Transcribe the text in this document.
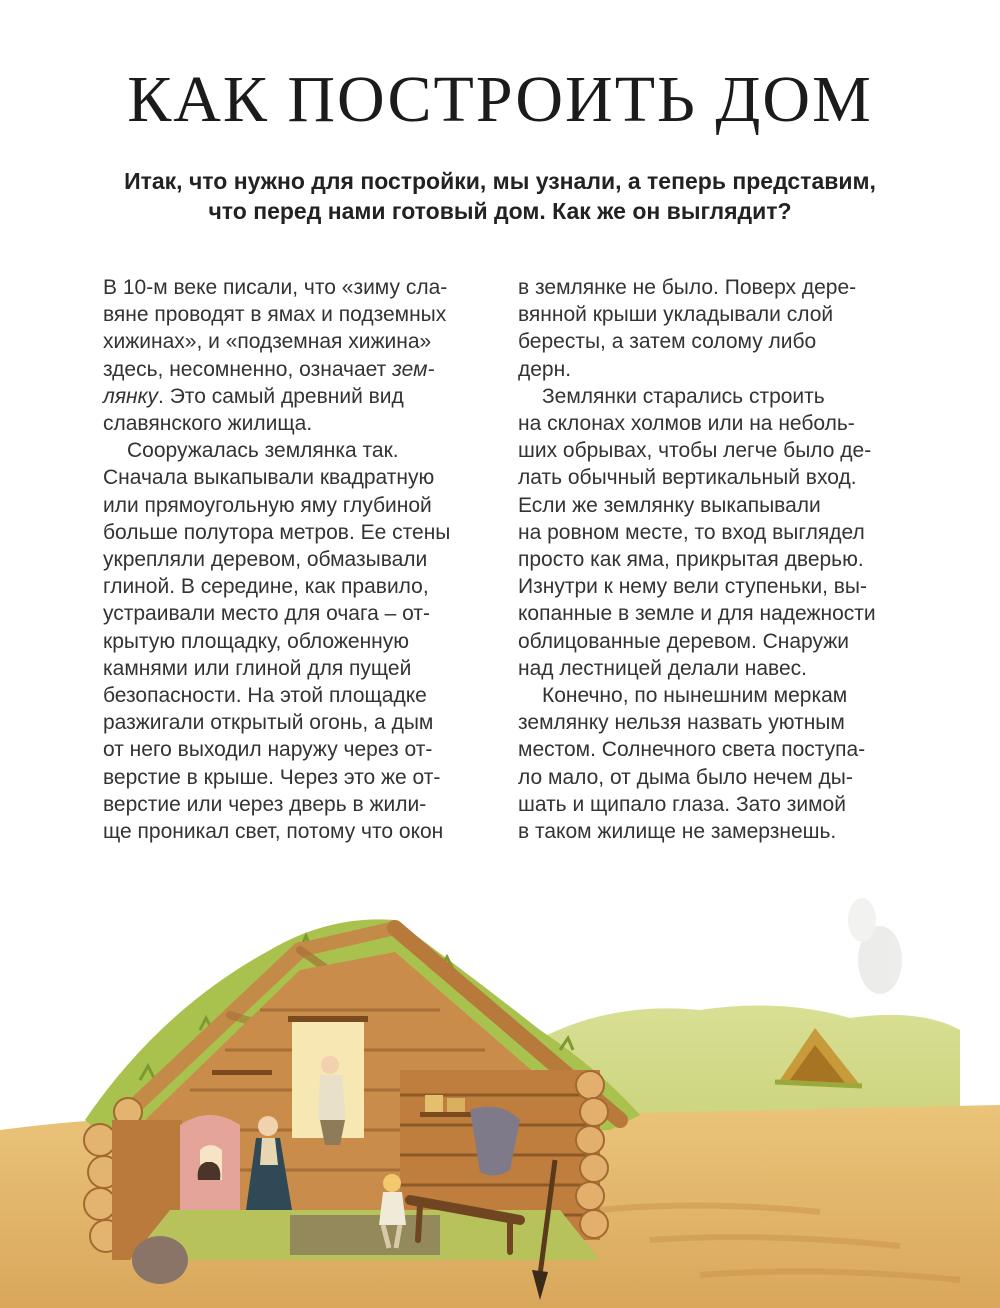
КАК ПОСТРОИТЬ ДОМ
Итак, что нужно для постройки, мы узнали, а теперь представим,
что перед нами готовый дом. Как же он выглядит?
В 10-м веке писали, что «зиму сла-
вяне проводят в ямах и подземных
хижинах», и «подземная хижина»
здесь, несомненно, означает зем-
лянку. Это самый древний вид
славянского жилища.
Сооружалась землянка так.
Сначала выкапывали квадратную
или прямоугольную яму глубиной
больше полутора метров. Ее стены
укрепляли деревом, обмазывали
глиной. В середине, как правило,
устраивали место для очага – от-
крытую площадку, обложенную
камнями или глиной для пущей
безопасности. На этой площадке
разжигали открытый огонь, а дым
от него выходил наружу через от-
верстие в крыше. Через это же от-
верстие или через дверь в жили-
ще проникал свет, потому что окон
в землянке не было. Поверх дере-
вянной крыши укладывали слой
бересты, а затем солому либо
дерн.
Землянки старались строить
на склонах холмов или на неболь-
ших обрывах, чтобы легче было де-
лать обычный вертикальный вход.
Если же землянку выкапывали
на ровном месте, то вход выглядел
просто как яма, прикрытая дверью.
Изнутри к нему вели ступеньки, вы-
копанные в земле и для надежности
облицованные деревом. Снаружи
над лестницей делали навес.
Конечно, по нынешним меркам
землянку нельзя назвать уютным
местом. Солнечного света поступа-
ло мало, от дыма было нечем ды-
шать и щипало глаза. Зато зимой
в таком жилище не замерзнешь.
